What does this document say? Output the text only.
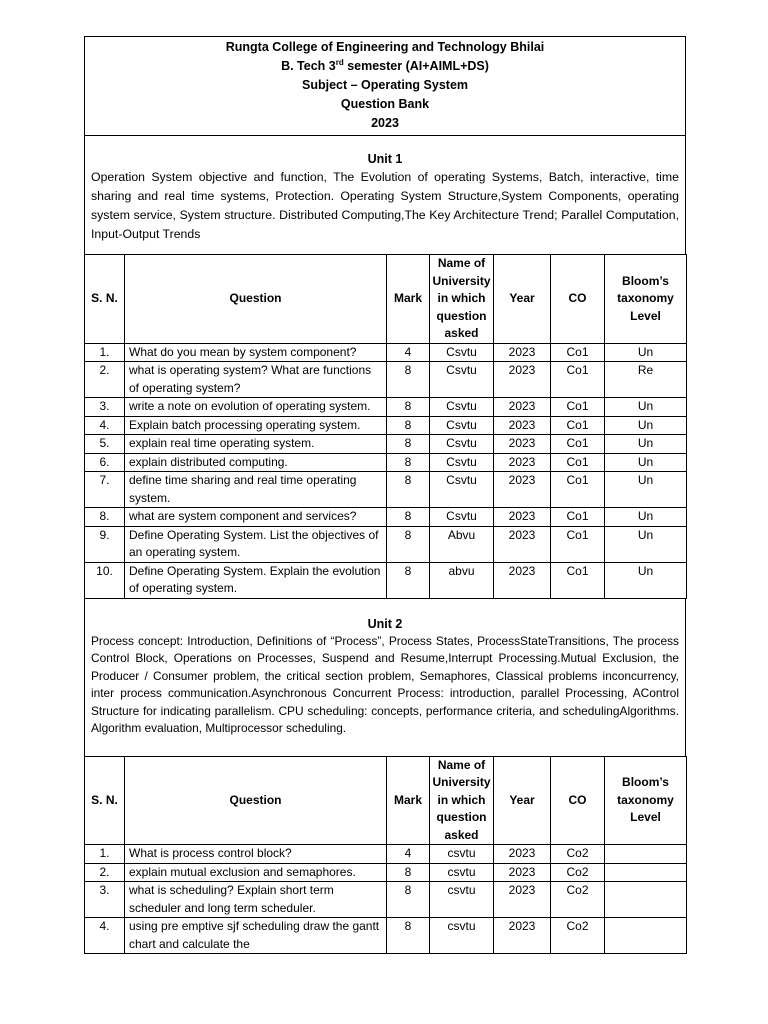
Rungta College of Engineering and Technology Bhilai
B. Tech 3rd semester (AI+AIML+DS)
Subject – Operating System
Question Bank
2023
Unit 1
Operation System objective and function, The Evolution of operating Systems, Batch, interactive, time sharing and real time systems, Protection. Operating System Structure,System Components, operating system service, System structure. Distributed Computing,The Key Architecture Trend; Parallel Computation, Input-Output Trends
S. N.	Question	Mark	Name of University in which question asked	Year	CO	Bloom’s taxonomy Level
1.	What do you mean by system component?	4	Csvtu	2023	Co1	Un
2.	what is operating system? What are functions of operating system?	8	Csvtu	2023	Co1	Re
3.	write a note on evolution of operating system.	8	Csvtu	2023	Co1	Un
4.	Explain batch processing operating system.	8	Csvtu	2023	Co1	Un
5.	explain real time operating system.	8	Csvtu	2023	Co1	Un
6.	explain distributed computing.	8	Csvtu	2023	Co1	Un
7.	define time sharing and real time operating system.	8	Csvtu	2023	Co1	Un
8.	what are system component and services?	8	Csvtu	2023	Co1	Un
9.	Define Operating System. List the objectives of an operating system.	8	Abvu	2023	Co1	Un
10.	Define Operating System. Explain the evolution of operating system.	8	abvu	2023	Co1	Un
Unit 2
Process concept: Introduction, Definitions of “Process”, Process States, ProcessStateTransitions, The process Control Block, Operations on Processes, Suspend and Resume,Interrupt Processing.Mutual Exclusion, the Producer / Consumer problem, the critical section problem, Semaphores, Classical problems inconcurrency, inter process communication.Asynchronous Concurrent Process: introduction, parallel Processing, AControl Structure for indicating parallelism. CPU scheduling: concepts, performance criteria, and schedulingAlgorithms. Algorithm evaluation, Multiprocessor scheduling.
S. N.	Question	Mark	Name of University in which question asked	Year	CO	Bloom’s taxonomy Level
1.	What is process control block?	4	csvtu	2023	Co2	
2.	explain mutual exclusion and semaphores.	8	csvtu	2023	Co2	
3.	what is scheduling? Explain short term scheduler and long term scheduler.	8	csvtu	2023	Co2	
4.	using pre emptive sjf scheduling draw the gantt chart and calculate the	8	csvtu	2023	Co2	
